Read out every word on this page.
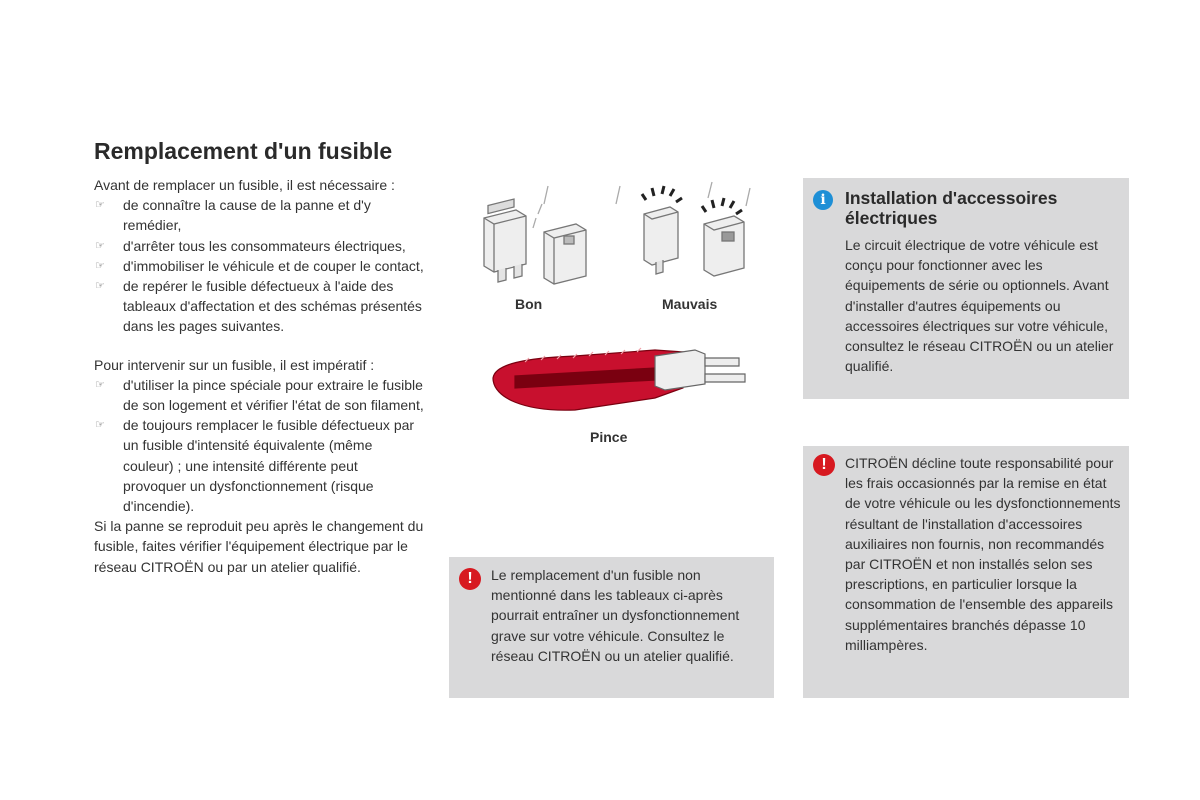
Remplacement d'un fusible

Avant de remplacer un fusible, il est nécessaire :

☞ de connaître la cause de la panne et d'y remédier,
☞ d'arrêter tous les consommateurs électriques,
☞ d'immobiliser le véhicule et de couper le contact,
☞ de repérer le fusible défectueux à l'aide des tableaux d'affectation et des schémas présentés dans les pages suivantes.

Pour intervenir sur un fusible, il est impératif :

☞ d'utiliser la pince spéciale pour extraire le fusible de son logement et vérifier l'état de son filament,
☞ de toujours remplacer le fusible défectueux par un fusible d'intensité équivalente (même couleur) ; une intensité différente peut provoquer un dysfonctionnement (risque d'incendie).

Si la panne se reproduit peu après le changement du fusible, faites vérifier l'équipement électrique par le réseau CITROËN ou par un atelier qualifié.

Bon	Mauvais
Pince
i	Installation d'accessoires électriques
Le circuit électrique de votre véhicule est conçu pour fonctionner avec les équipements de série ou optionnels. Avant d'installer d'autres équipements ou accessoires électriques sur votre véhicule, consultez le réseau CITROËN ou un atelier qualifié.
!	Le remplacement d'un fusible non mentionné dans les tableaux ci-après pourrait entraîner un dysfonctionnement grave sur votre véhicule. Consultez le réseau CITROËN ou un atelier qualifié.
!	CITROËN décline toute responsabilité pour les frais occasionnés par la remise en état de votre véhicule ou les dysfonctionnements résultant de l'installation d'accessoires auxiliaires non fournis, non recommandés par CITROËN et non installés selon ses prescriptions, en particulier lorsque la consommation de l'ensemble des appareils supplémentaires branchés dépasse 10 milliampères.
